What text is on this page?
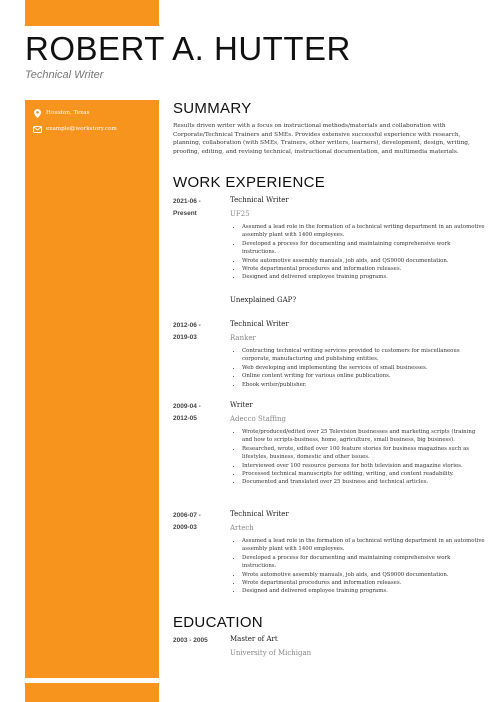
ROBERT A. HUTTER
Technical Writer
Houston, Texas
example@workstory.com
SUMMARY
Results driven writer with a focus on instructional methods/materials and collaboration with Corporate/Technical Trainers and SMEs. Provides extensive successful experience with research, planning, collaboration (with SMEs, Trainers, other writers, learners), development, design, writing, proofing, editing, and revising technical, instructional documentation, and multimedia materials.
WORK EXPERIENCE
2021-06 -
Present
Technical Writer
UF25
• Assumed a lead role in the formation of a technical writing department in an automotive assembly plant with 1400 employees.
• Developed a process for documenting and maintaining comprehensive work instructions.
• Wrote automotive assembly manuals, job aids, and QS9000 documentation.
• Wrote departmental procedures and information releases.
• Designed and delivered employee training programs.
Unexplained GAP?
2012-06 -
2019-03
Technical Writer
Ranker
• Contracting technical writing services provided to customers for miscellaneous corporate, manufacturing and publishing entities.
• Web developing and implementing the services of small businesses.
• Online content writing for various online publications.
• Ebook writer/publisher.
2009-04 -
2012-05
Writer
Adecco Staffing
• Wrote/produced/edited over 25 Television businesses and marketing scripts (training and how to scripts-business, home, agriculture, small business, big business).
• Researched, wrote, edited over 100 feature stories for business magazines such as lifestyles, business, domestic and other issues.
• Interviewed over 100 resource persons for both television and magazine stories.
• Processed technical manuscripts for editing, writing, and content readability.
• Documented and translated over 25 business and technical articles.
2006-07 -
2009-03
Technical Writer
Artech
• Assumed a lead role in the formation of a technical writing department in an automotive assembly plant with 1400 employees.
• Developed a process for documenting and maintaining comprehensive work instructions.
• Wrote automotive assembly manuals, job aids, and QS9000 documentation.
• Wrote departmental procedures and information releases.
• Designed and delivered employee training programs.
EDUCATION
2003 - 2005	Master of Art
University of Michigan
